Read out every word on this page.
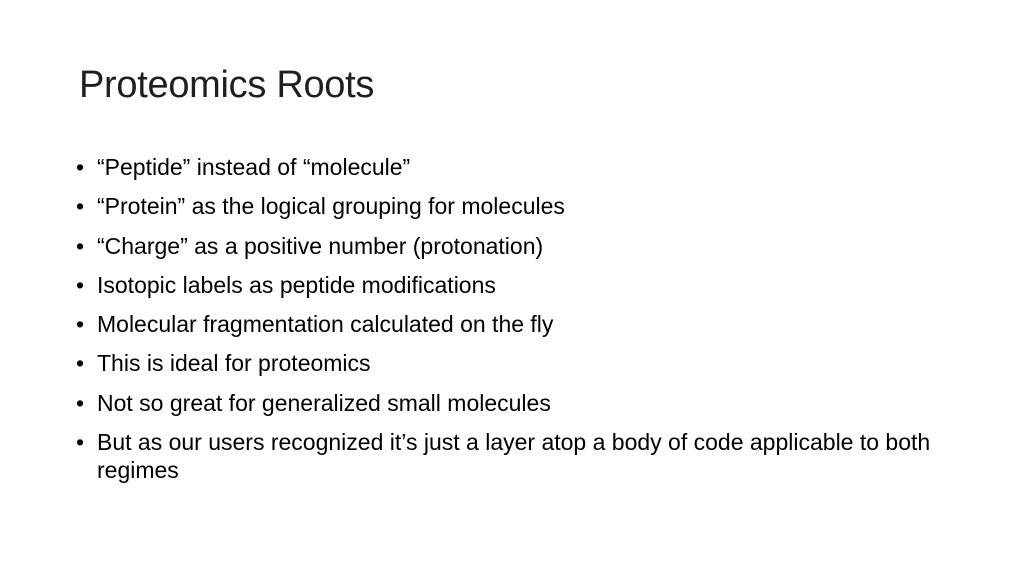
Proteomics Roots
• “Peptide” instead of “molecule”
• “Protein” as the logical grouping for molecules
• “Charge” as a positive number (protonation)
• Isotopic labels as peptide modifications
• Molecular fragmentation calculated on the fly
• This is ideal for proteomics
• Not so great for generalized small molecules
• But as our users recognized it’s just a layer atop a body of code applicable to both regimes
